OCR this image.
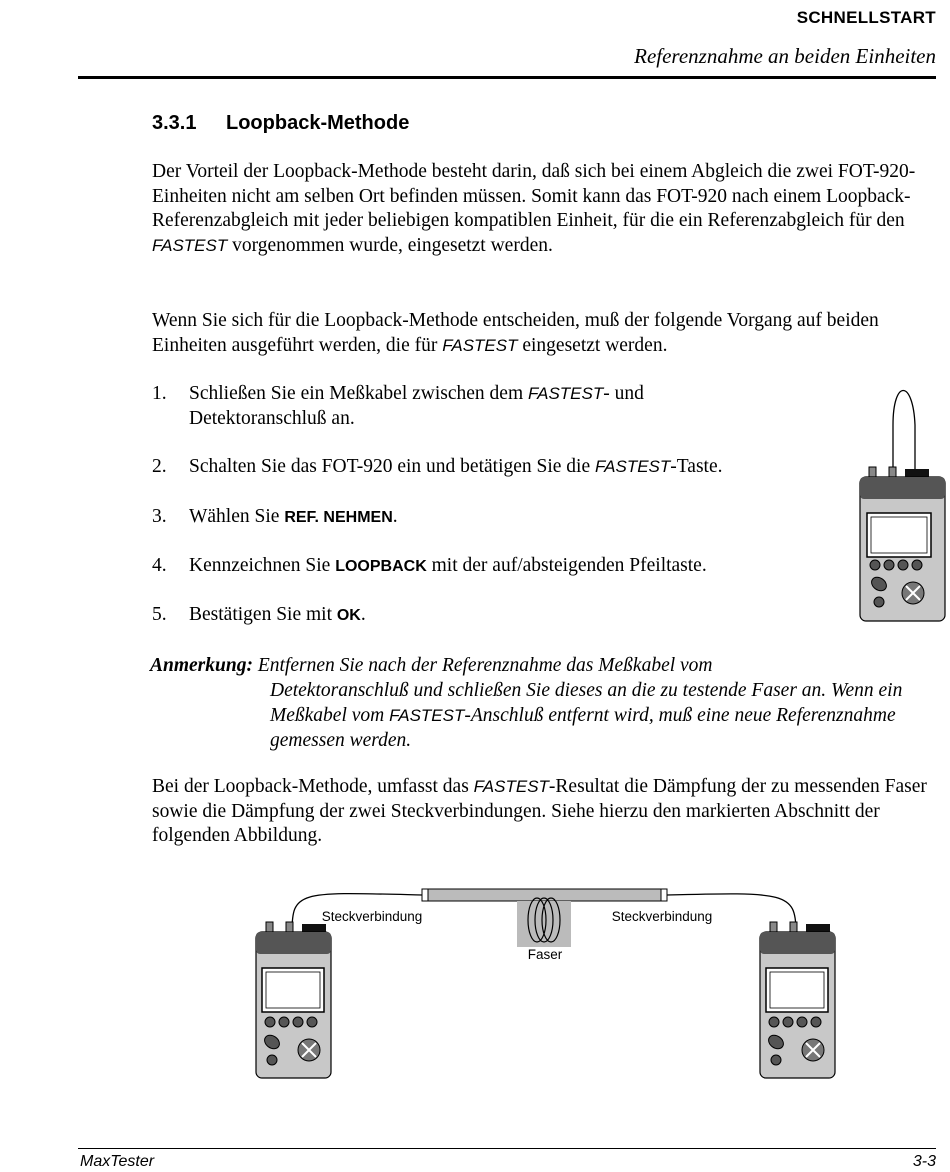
SCHNELLSTART
Referenznahme an beiden Einheiten
3.3.1 Loopback-Methode

Der Vorteil der Loopback-Methode besteht darin, daß sich bei einem Abgleich die zwei FOT-920-Einheiten nicht am selben Ort befinden müssen. Somit kann das FOT-920 nach einem Loopback-Referenzabgleich mit jeder beliebigen kompatiblen Einheit, für die ein Referenzabgleich für den FASTEST vorgenommen wurde, eingesetzt werden.

Wenn Sie sich für die Loopback-Methode entscheiden, muß der folgende Vorgang auf beiden Einheiten ausgeführt werden, die für FASTEST eingesetzt werden.

1. Schließen Sie ein Meßkabel zwischen dem FASTEST- und Detektoranschluß an.
2. Schalten Sie das FOT-920 ein und betätigen Sie die FASTEST-Taste.
3. Wählen Sie REF. NEHMEN.
4. Kennzeichnen Sie LOOPBACK mit der auf/absteigenden Pfeiltaste.
5. Bestätigen Sie mit OK.
Anmerkung: Entfernen Sie nach der Referenznahme das Meßkabel vom
Detektoranschluß und schließen Sie dieses an die zu testende Faser an. Wenn ein Meßkabel vom FASTEST-Anschluß entfernt wird, muß eine neue Referenznahme gemessen werden.

Bei der Loopback-Methode, umfasst das FASTEST-Resultat die Dämpfung der zu messenden Faser sowie die Dämpfung der zwei Steckverbindungen. Siehe hierzu den markierten Abschnitt der folgenden Abbildung.

Steckverbindung	Steckverbindung
Faser
MaxTester	3-3
